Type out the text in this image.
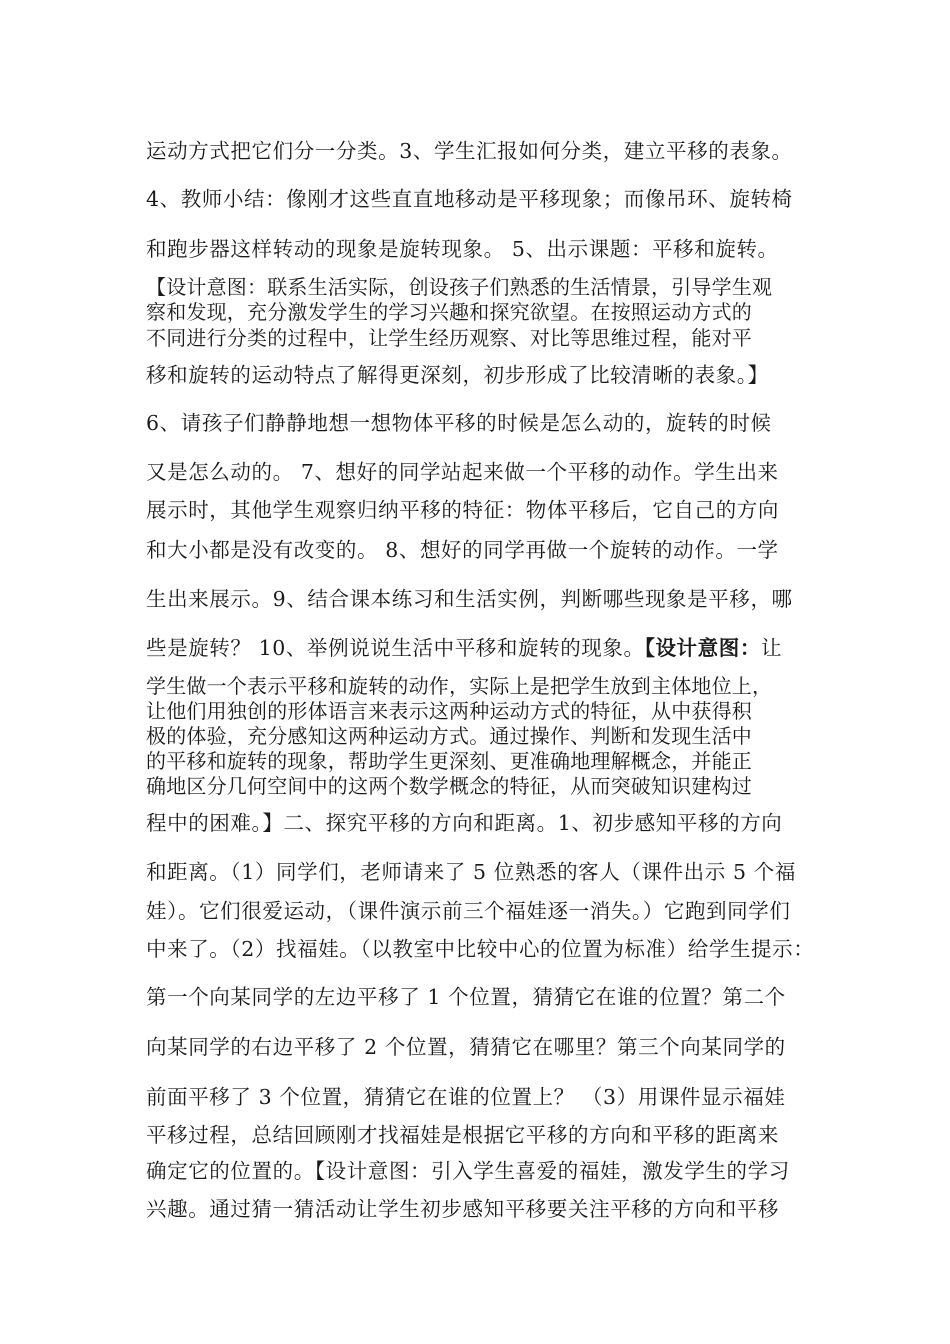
运动方式把它们分一分类。3、学生汇报如何分类，建立平移的表象。
4、教师小结：像刚才这些直直地移动是平移现象；而像吊环、旋转椅
和跑步器这样转动的现象是旋转现象。 5、出示课题：平移和旋转。
【设计意图：联系生活实际，创设孩子们熟悉的生活情景，引导学生观
察和发现，充分激发学生的学习兴趣和探究欲望。在按照运动方式的
不同进行分类的过程中，让学生经历观察、对比等思维过程，能对平
移和旋转的运动特点了解得更深刻，初步形成了比较清晰的表象。】
6、请孩子们静静地想一想物体平移的时候是怎么动的，旋转的时候
又是怎么动的。 7、想好的同学站起来做一个平移的动作。学生出来
展示时，其他学生观察归纳平移的特征：物体平移后，它自己的方向
和大小都是没有改变的。 8、想好的同学再做一个旋转的动作。一学
生出来展示。9、结合课本练习和生活实例，判断哪些现象是平移，哪
些是旋转？ 10、举例说说生活中平移和旋转的现象。【设计意图：让
学生做一个表示平移和旋转的动作，实际上是把学生放到主体地位上，
让他们用独创的形体语言来表示这两种运动方式的特征，从中获得积
极的体验，充分感知这两种运动方式。通过操作、判断和发现生活中
的平移和旋转的现象，帮助学生更深刻、更准确地理解概念，并能正
确地区分几何空间中的这两个数学概念的特征，从而突破知识建构过
程中的困难。】二、探究平移的方向和距离。1、初步感知平移的方向
和距离。（1）同学们，老师请来了 5 位熟悉的客人（课件出示 5 个福
娃）。它们很爱运动，（课件演示前三个福娃逐一消失。）它跑到同学们
中来了。（2）找福娃。（以教室中比较中心的位置为标准）给学生提示：
第一个向某同学的左边平移了 1 个位置，猜猜它在谁的位置？第二个
向某同学的右边平移了 2 个位置，猜猜它在哪里？第三个向某同学的
前面平移了 3 个位置，猜猜它在谁的位置上？ （3）用课件显示福娃
平移过程，总结回顾刚才找福娃是根据它平移的方向和平移的距离来
确定它的位置的。【设计意图：引入学生喜爱的福娃，激发学生的学习
兴趣。通过猜一猜活动让学生初步感知平移要关注平移的方向和平移
